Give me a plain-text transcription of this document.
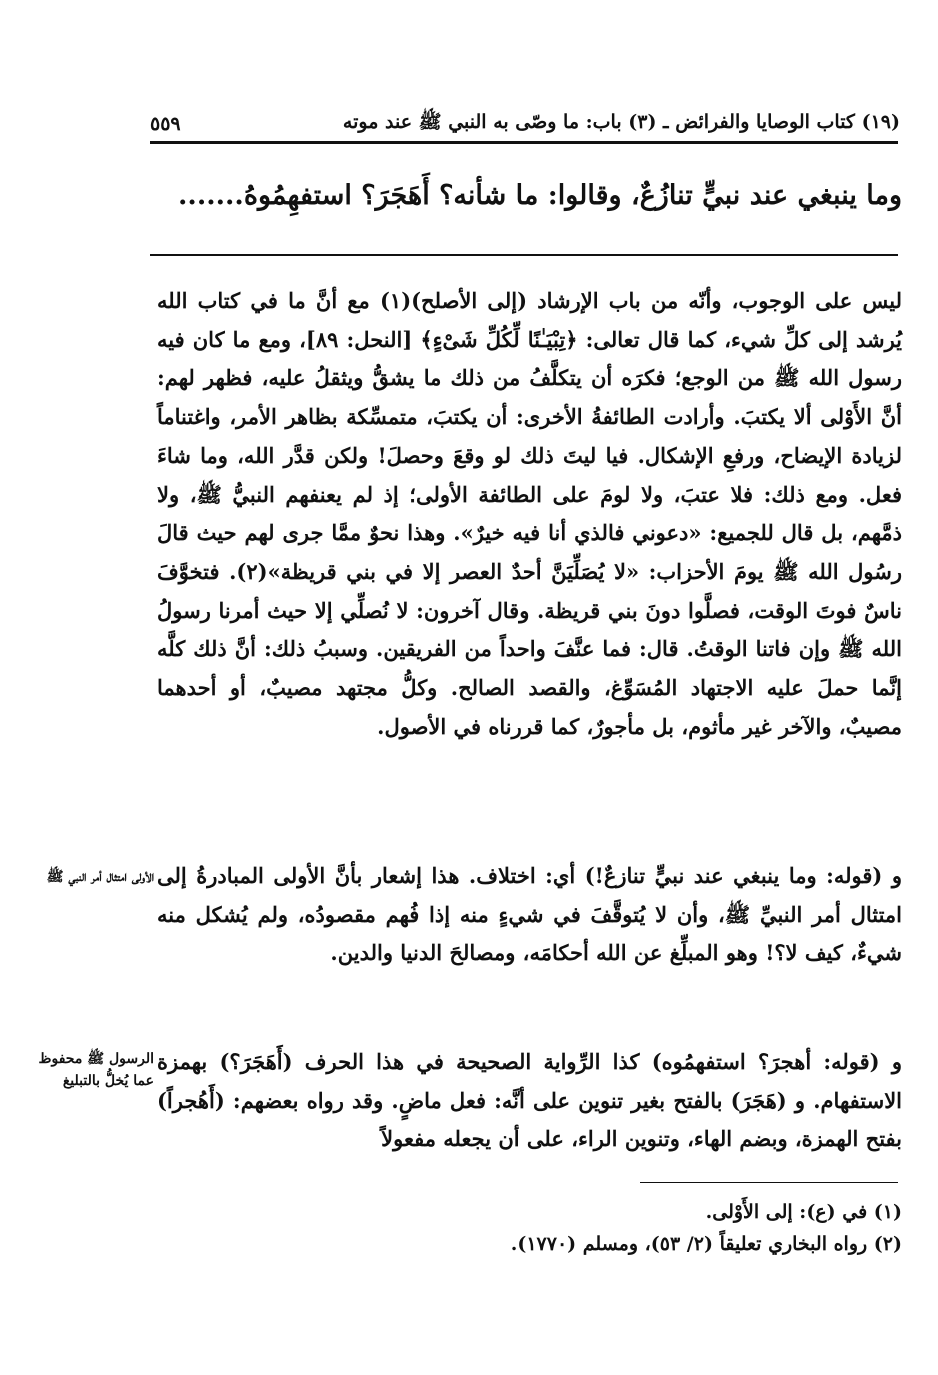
(١٩) كتاب الوصايا والفرائض ـ (٣) باب: ما وصّى به النبي ﷺ عند موته
٥٥٩
وما ينبغي عند نبيٍّ تنازُعٌ، وقالوا: ما شأنه؟ أَهَجَرَ؟ استفهِمُوهُ.......

ليس على الوجوب، وأنّه من باب الإرشاد (إلى الأصلح)(١) مع أنَّ ما في كتاب الله يُرشد إلى كلِّ شيء، كما قال تعالى: ﴿تِبْيَـٰنًا لِّكُلِّ شَىْءٍ﴾ [النحل: ٨٩]، ومع ما كان فيه رسول الله ﷺ من الوجع؛ فكرَه أن يتكلَّفُ من ذلك ما يشقُّ ويثقلُ عليه، فظهر لهم: أنَّ الأَوْلى ألا يكتبَ. وأرادت الطائفةُ الأخرى: أن يكتبَ، متمسِّكة بظاهر الأمر، واغتناماً لزيادة الإيضاح، ورفعِ الإشكال. فيا ليتَ ذلك لو وقعَ وحصلَ! ولكن قدَّر الله، وما شاءَ فعل. ومع ذلك: فلا عتبَ، ولا لومَ على الطائفة الأولى؛ إذ لم يعنفهم النبيُّ ﷺ، ولا ذمَّهم، بل قال للجميع: «دعوني فالذي أنا فيه خيرٌ». وهذا نحوٌ ممَّا جرى لهم حيث قالَ رسُول الله ﷺ يومَ الأحزاب: «لا يُصَلِّيَنَّ أحدٌ العصر إلا في بني قريظة»(٢). فتخوَّفَ ناسٌ فوتَ الوقت، فصلَّوا دونَ بني قريظة. وقال آخرون: لا نُصلِّي إلا حيث أمرنا رسولُ الله ﷺ وإن فاتنا الوقتُ. قال: فما عنَّفَ واحداً من الفريقين. وسببُ ذلك: أنَّ ذلك كلَّه إنَّما حملَ عليه الاجتهاد المُسَوِّغ، والقصد الصالح. وكلُّ مجتهد مصيبٌ، أو أحدهما مصيبٌ، والآخر غير مأثوم، بل مأجورٌ، كما قررناه في الأصول.

و (قوله: وما ينبغي عند نبيٍّ تنازعٌ!) أي: اختلاف. هذا إشعار بأنَّ الأولى المبادرةُ إلى امتثال أمر النبيِّ ﷺ، وأن لا يُتوقَّفَ في شيءٍ منه إذا فُهم مقصودُه، ولم يُشكل منه شيءٌ، كيف لا؟! وهو المبلِّغ عن الله أحكامَه، ومصالحَ الدنيا والدين.

و (قوله: أهجرَ؟ استفهمُوه) كذا الرِّواية الصحيحة في هذا الحرف (أَهَجَرَ؟) بهمزة الاستفهام. و (هَجَرَ) بالفتح بغير تنوين على أنَّه: فعل ماضٍ. وقد رواه بعضهم: (أَهُجراً) بفتح الهمزة، وبضم الهاء، وتنوين الراء، على أن يجعله مفعولاً

الأولى امتثال أمر النبي ﷺ
الرسول ﷺ محفوظ عما يُخلُّ بالتبليغ
(١) في (ع): إلى الأَوْلى.
(٢) رواه البخاري تعليقاً (٢/ ٥٣)، ومسلم (١٧٧٠).
